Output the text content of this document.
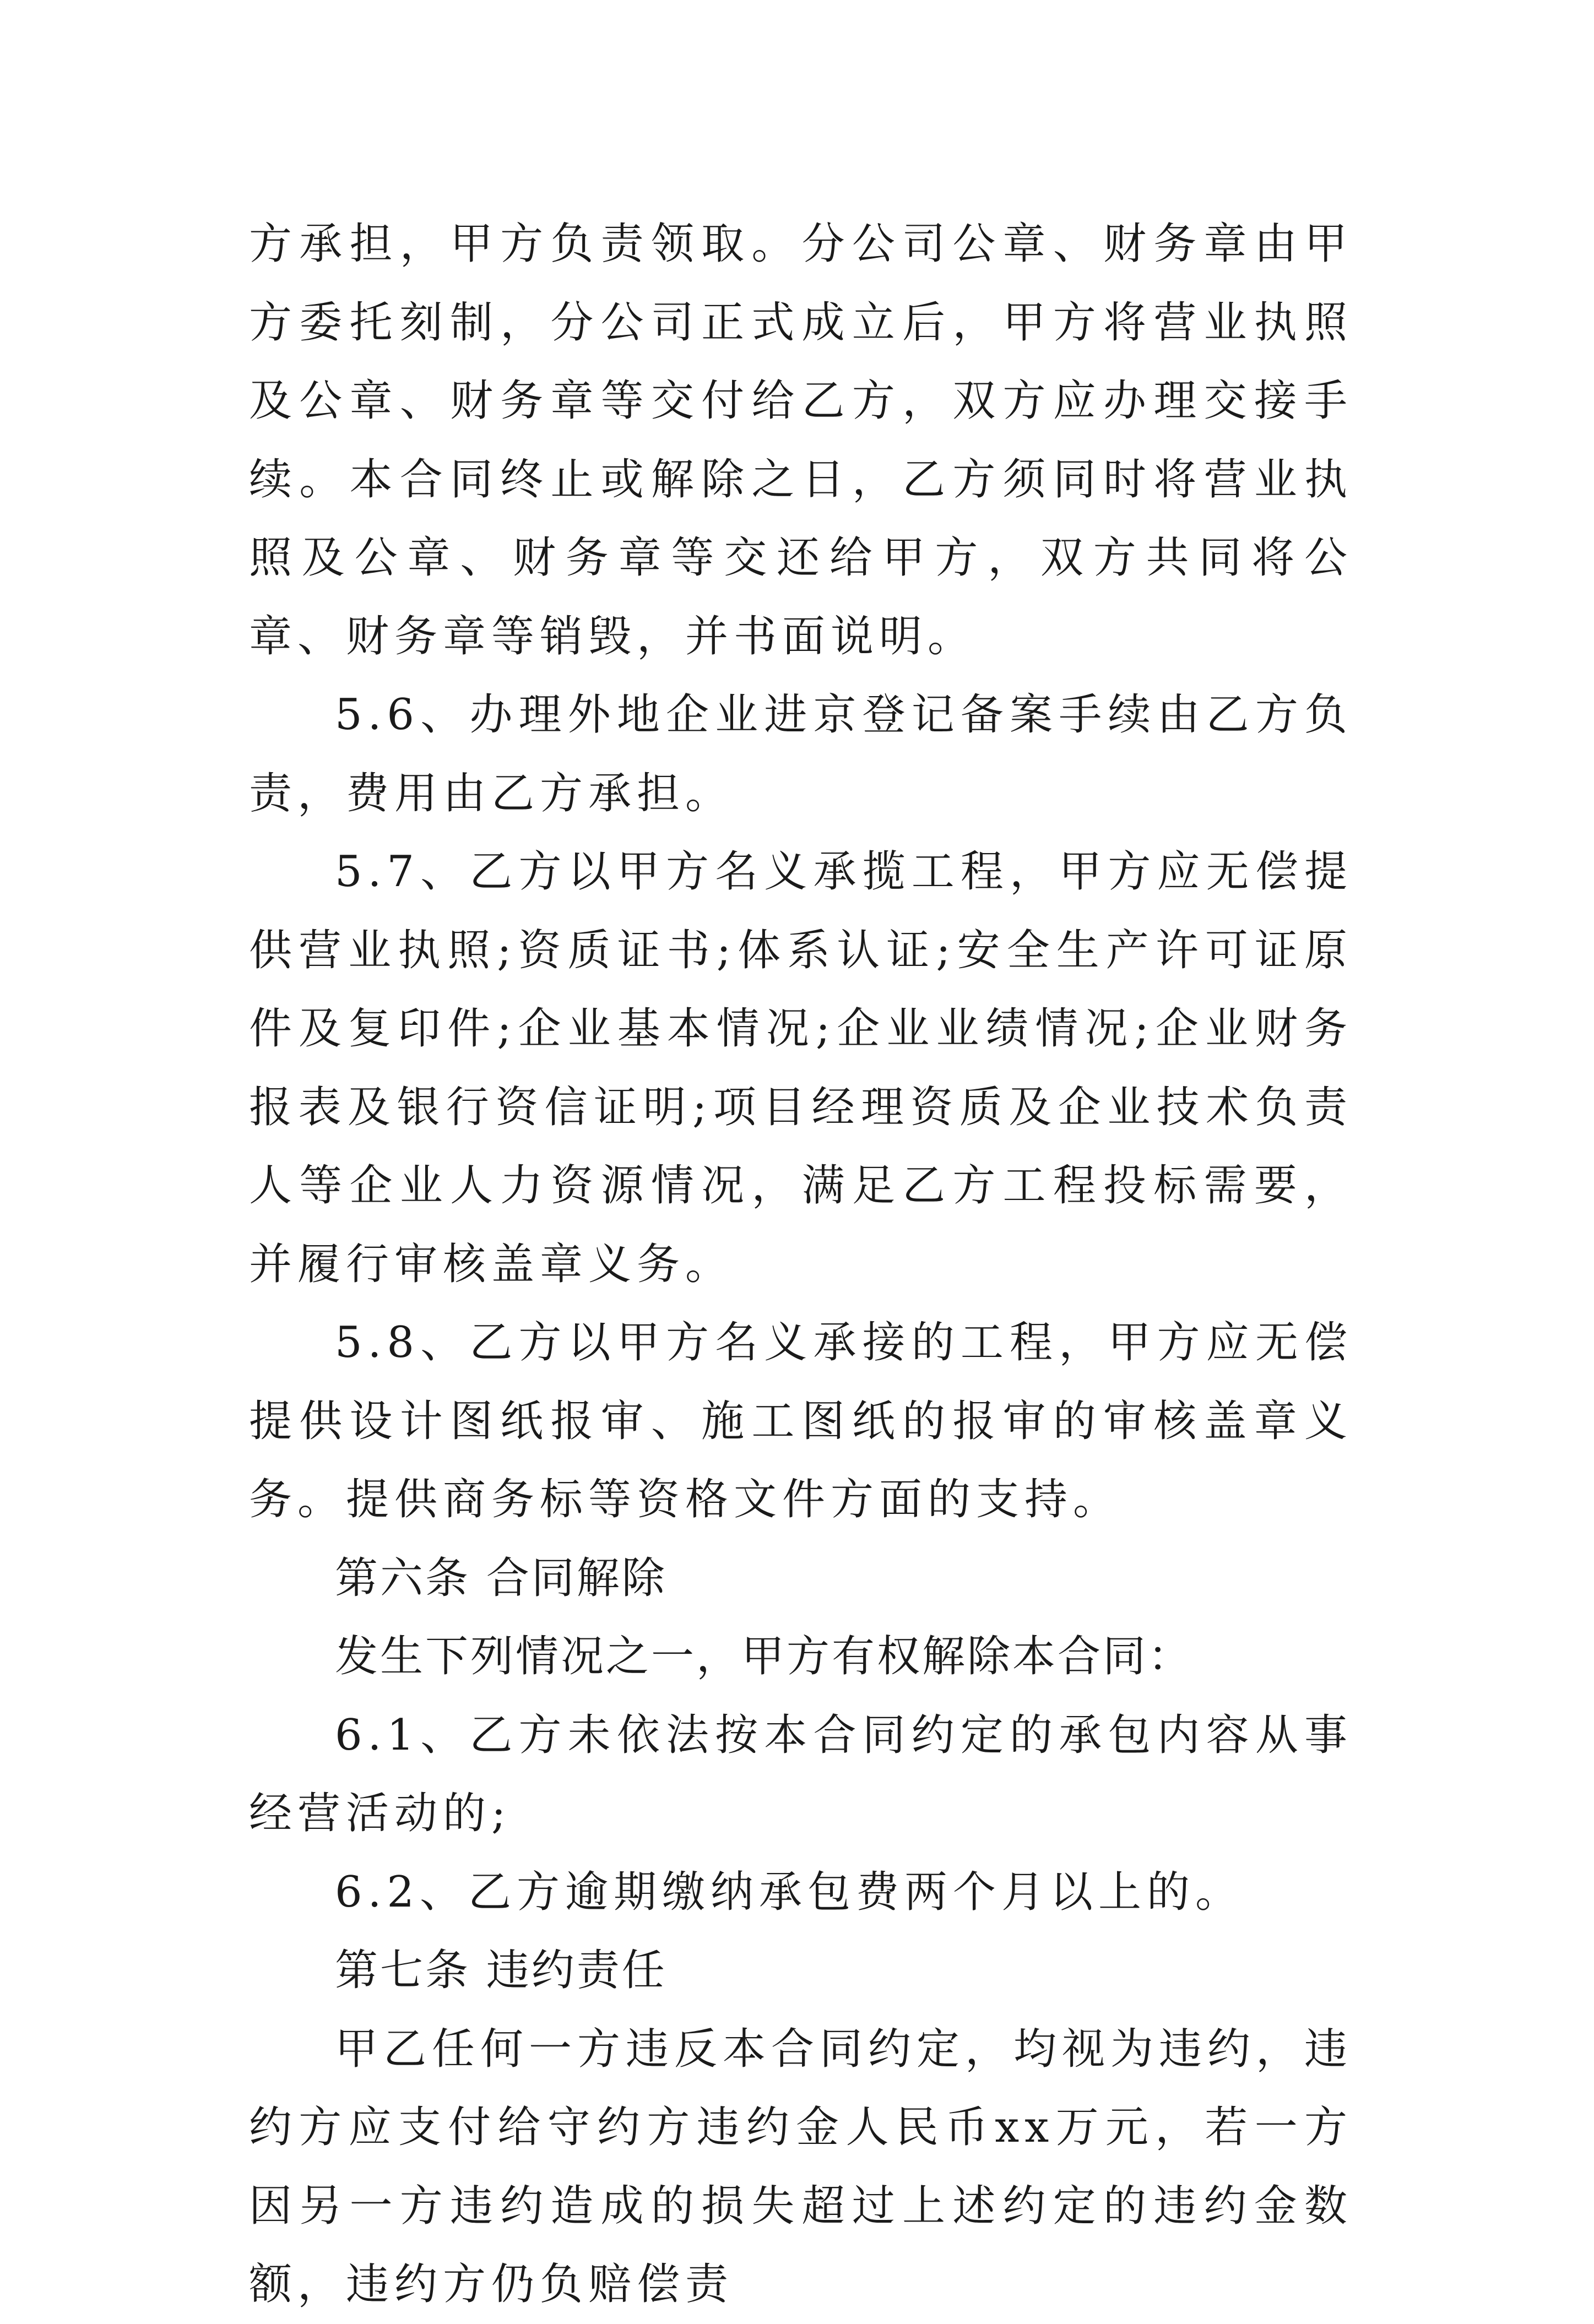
方承担，甲方负责领取。分公司公章、财务章由甲方委托刻制，分公司正式成立后，甲方将营业执照及公章、财务章等交付给乙方，双方应办理交接手续。本合同终止或解除之日，乙方须同时将营业执照及公章、财务章等交还给甲方，双方共同将公章、财务章等销毁，并书面说明。

5.6、办理外地企业进京登记备案手续由乙方负责，费用由乙方承担。

5.7、乙方以甲方名义承揽工程，甲方应无偿提供营业执照;资质证书;体系认证;安全生产许可证原件及复印件;企业基本情况;企业业绩情况;企业财务报表及银行资信证明;项目经理资质及企业技术负责人等企业人力资源情况，满足乙方工程投标需要，并履行审核盖章义务。

5.8、乙方以甲方名义承接的工程，甲方应无偿提供设计图纸报审、施工图纸的报审的审核盖章义务。提供商务标等资格文件方面的支持。

第六条 合同解除

发生下列情况之一，甲方有权解除本合同：

6.1、乙方未依法按本合同约定的承包内容从事经营活动的;

6.2、乙方逾期缴纳承包费两个月以上的。

第七条 违约责任

甲乙任何一方违反本合同约定，均视为违约，违约方应支付给守约方违约金人民币xx万元，若一方因另一方违约造成的损失超过上述约定的违约金数额，违约方仍负赔偿责
